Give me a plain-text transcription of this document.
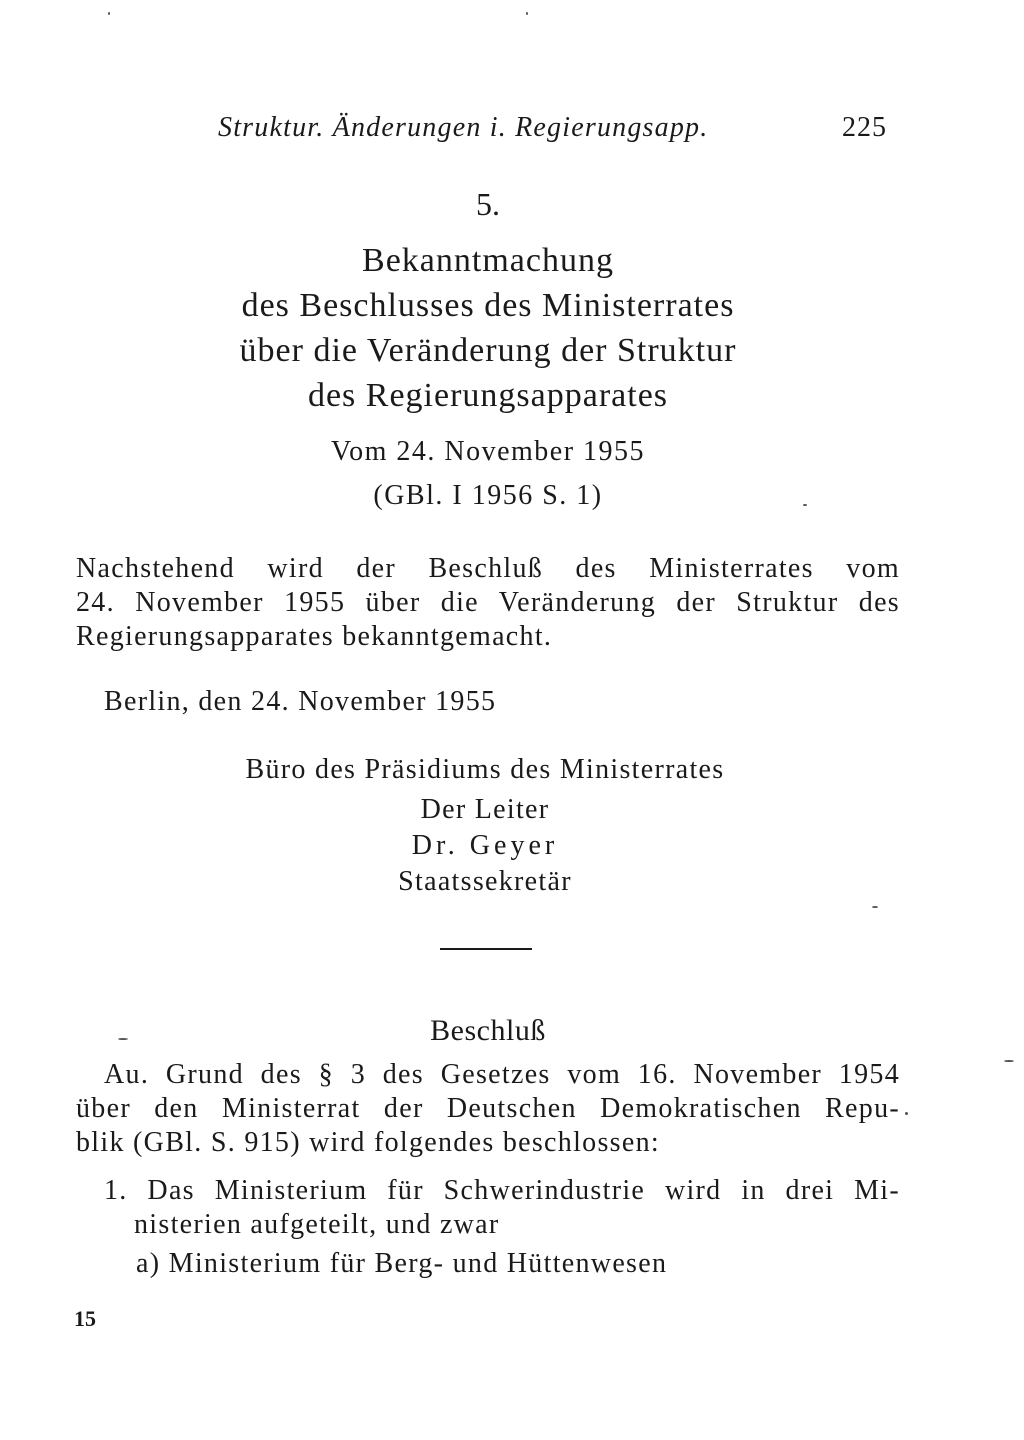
Struktur. Änderungen i. Regierungsapp.	225
5.
Bekanntmachung
des Beschlusses des Ministerrates
über die Veränderung der Struktur
des Regierungsapparates
Vom 24. November 1955
(GBl. I 1956 S. 1)
Nachstehend wird der Beschluß des Ministerrates vom
24. November 1955 über die Veränderung der Struktur des
Regierungsapparates bekanntgemacht.
Berlin, den 24. November 1955
Büro des Präsidiums des Ministerrates
Der Leiter
Dr. Geyer
Staatssekretär
Beschluß
Au. Grund des § 3 des Gesetzes vom 16. November 1954
über den Ministerrat der Deutschen Demokratischen Repu-
blik (GBl. S. 915) wird folgendes beschlossen:
1. Das Ministerium für Schwerindustrie wird in drei Mi-
nisterien aufgeteilt, und zwar
a) Ministerium für Berg- und Hüttenwesen
15
